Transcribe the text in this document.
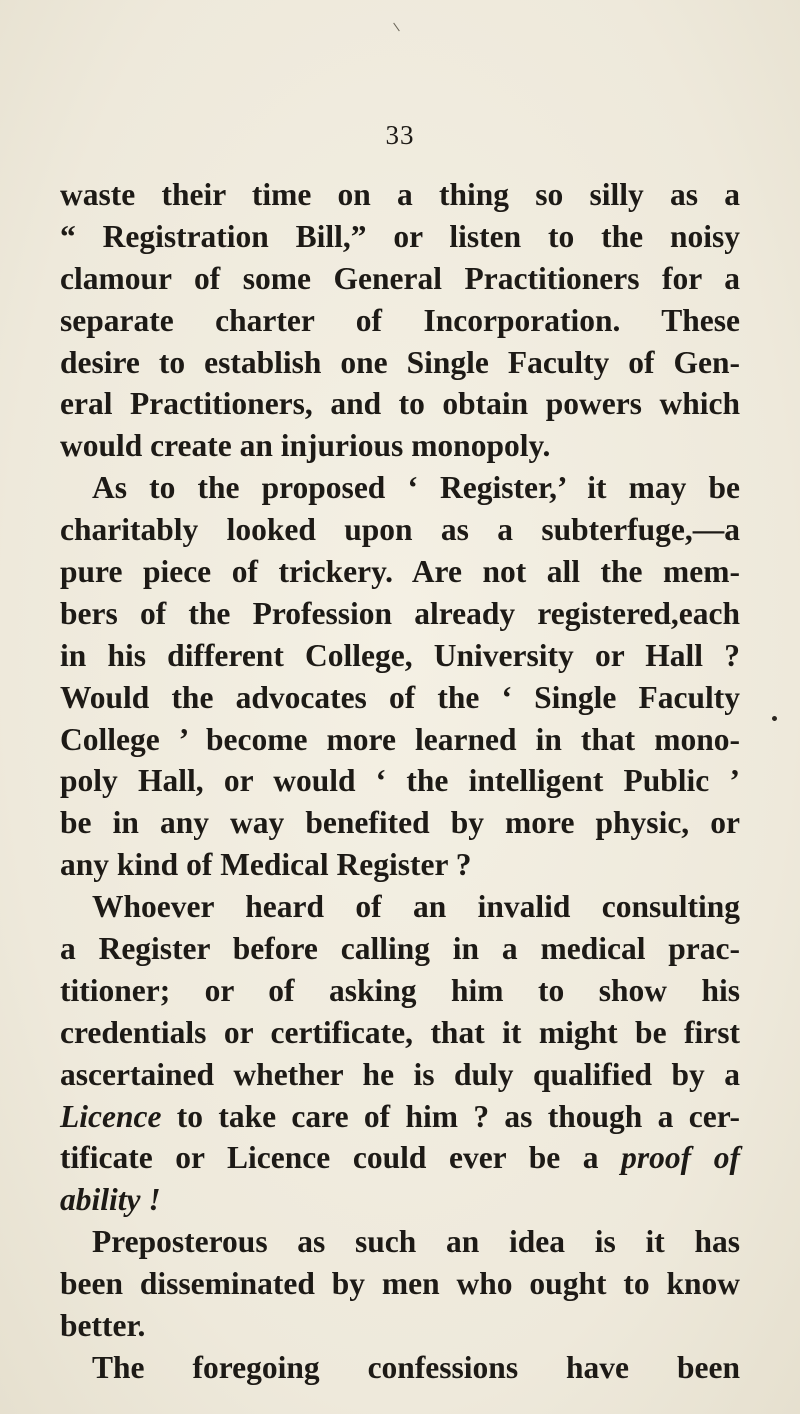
33
waste their time on a thing so silly as a
“ Registration Bill,” or listen to the noisy
clamour of some General Practitioners for a
separate charter of Incorporation. These
desire to establish one Single Faculty of Gen-
eral Practitioners, and to obtain powers which
would create an injurious monopoly.
As to the proposed ‘ Register,’ it may be
charitably looked upon as a subterfuge,—a
pure piece of trickery. Are not all the mem-
bers of the Profession already registered,each
in his different College, University or Hall ?
Would the advocates of the ‘ Single Faculty
College ’ become more learned in that mono-
poly Hall, or would ‘ the intelligent Public ’
be in any way benefited by more physic, or
any kind of Medical Register ?
Whoever heard of an invalid consulting
a Register before calling in a medical prac-
titioner; or of asking him to show his
credentials or certificate, that it might be first
ascertained whether he is duly qualified by a
Licence to take care of him ? as though a cer-
tificate or Licence could ever be a proof of
ability !
Preposterous as such an idea is it has
been disseminated by men who ought to know
better.
The foregoing confessions have been
